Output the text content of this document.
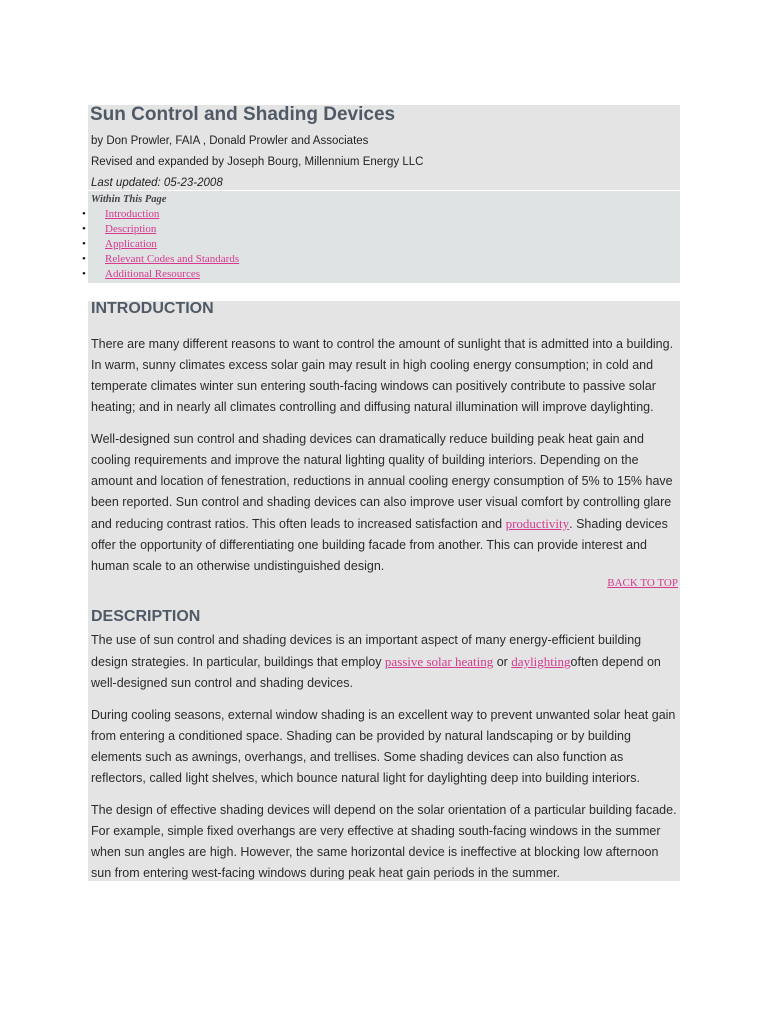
Sun Control and Shading Devices
by Don Prowler, FAIA , Donald Prowler and Associates
Revised and expanded by Joseph Bourg, Millennium Energy LLC
Last updated: 05-23-2008
Within This Page
• Introduction
• Description
• Application
• Relevant Codes and Standards
• Additional Resources
INTRODUCTION

There are many different reasons to want to control the amount of sunlight that is admitted into a building. In warm, sunny climates excess solar gain may result in high cooling energy consumption; in cold and temperate climates winter sun entering south-facing windows can positively contribute to passive solar heating; and in nearly all climates controlling and diffusing natural illumination will improve daylighting.

Well-designed sun control and shading devices can dramatically reduce building peak heat gain and cooling requirements and improve the natural lighting quality of building interiors. Depending on the amount and location of fenestration, reductions in annual cooling energy consumption of 5% to 15% have been reported. Sun control and shading devices can also improve user visual comfort by controlling glare and reducing contrast ratios. This often leads to increased satisfaction and productivity. Shading devices offer the opportunity of differentiating one building facade from another. This can provide interest and human scale to an otherwise undistinguished design.

BACK TO TOP
DESCRIPTION

The use of sun control and shading devices is an important aspect of many energy-efficient building design strategies. In particular, buildings that employ passive solar heating or daylightingoften depend on well-designed sun control and shading devices.

During cooling seasons, external window shading is an excellent way to prevent unwanted solar heat gain from entering a conditioned space. Shading can be provided by natural landscaping or by building elements such as awnings, overhangs, and trellises. Some shading devices can also function as reflectors, called light shelves, which bounce natural light for daylighting deep into building interiors.

The design of effective shading devices will depend on the solar orientation of a particular building facade. For example, simple fixed overhangs are very effective at shading south-facing windows in the summer when sun angles are high. However, the same horizontal device is ineffective at blocking low afternoon sun from entering west-facing windows during peak heat gain periods in the summer.
